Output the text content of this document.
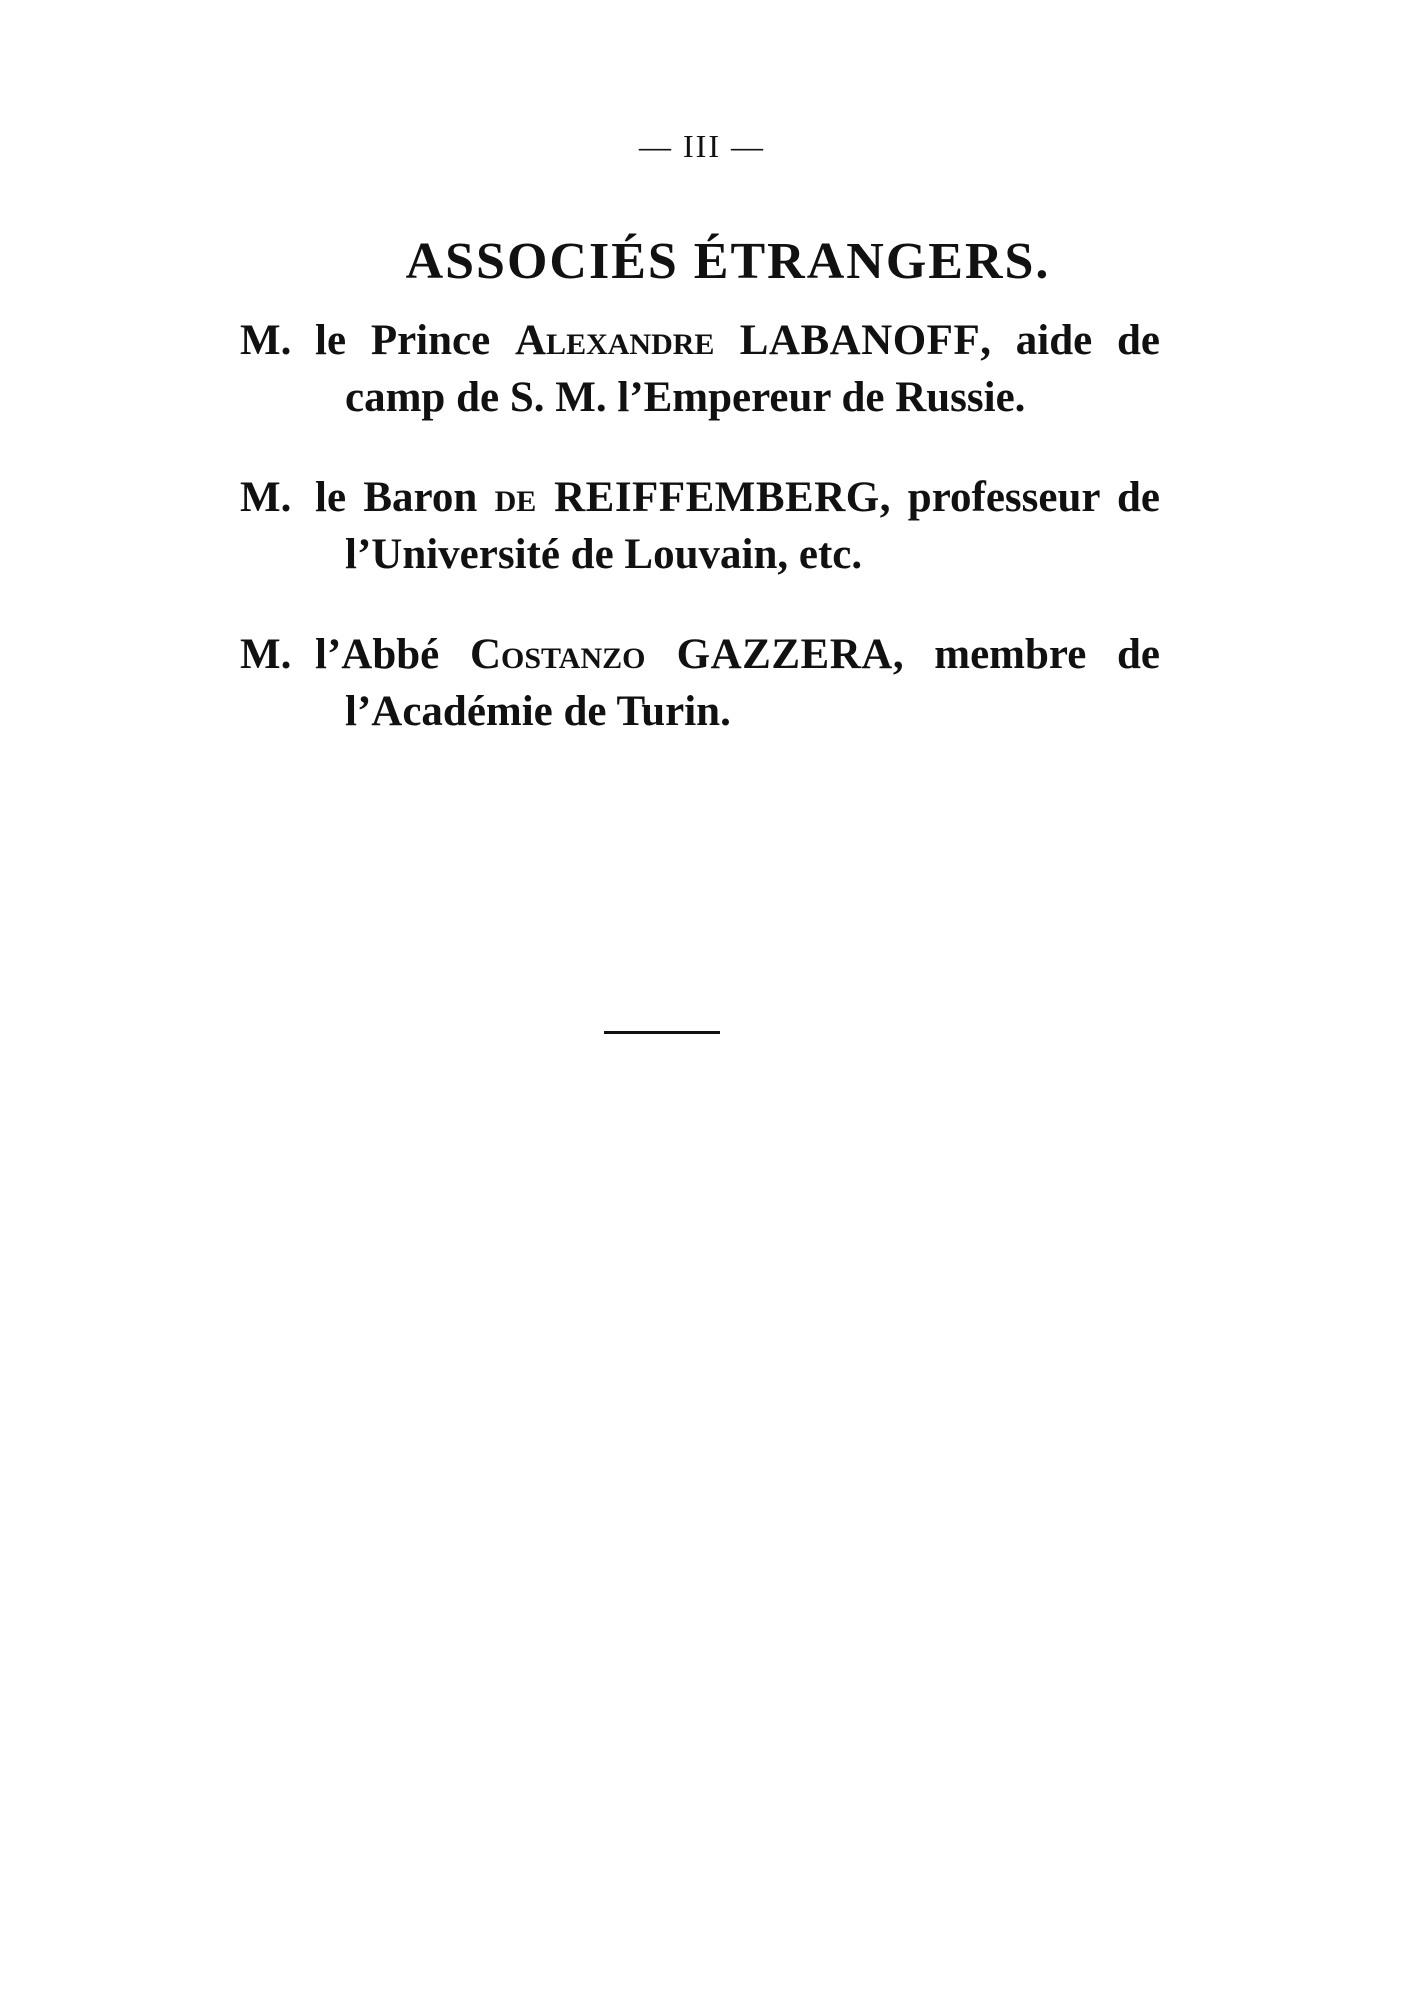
— III —
ASSOCIÉS ÉTRANGERS.

M. le Prince Alexandre LABANOFF, aide de camp de S. M. l’Empereur de Russie.

M. le Baron de REIFFEMBERG, professeur de l’Université de Louvain, etc.

M. l’Abbé Costanzo GAZZERA, membre de l’Académie de Turin.
